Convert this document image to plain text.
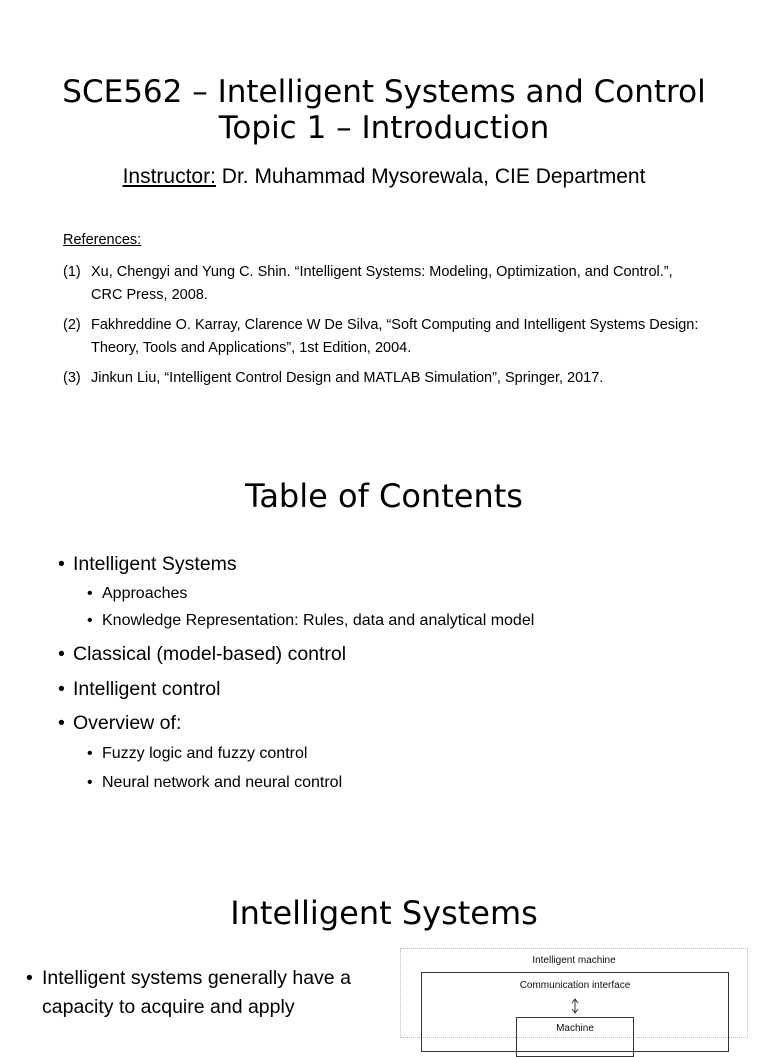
SCE562 – Intelligent Systems and Control
Topic 1 – Introduction
Instructor: Dr. Muhammad Mysorewala, CIE Department
References:
(1) Xu, Chengyi and Yung C. Shin. “Intelligent Systems: Modeling, Optimization, and Control.”, CRC Press, 2008.
(2) Fakhreddine O. Karray, Clarence W De Silva, “Soft Computing and Intelligent Systems Design: Theory, Tools and Applications”, 1st Edition, 2004.
(3) Jinkun Liu, “Intelligent Control Design and MATLAB Simulation”, Springer, 2017.
Table of Contents
• Intelligent Systems
• Approaches
• Knowledge Representation: Rules, data and analytical model
• Classical (model-based) control
• Intelligent control
• Overview of:
• Fuzzy logic and fuzzy control
• Neural network and neural control
Intelligent Systems
• Intelligent systems generally have a
capacity to acquire and apply
Intelligent machine
Communication interface
Machine
